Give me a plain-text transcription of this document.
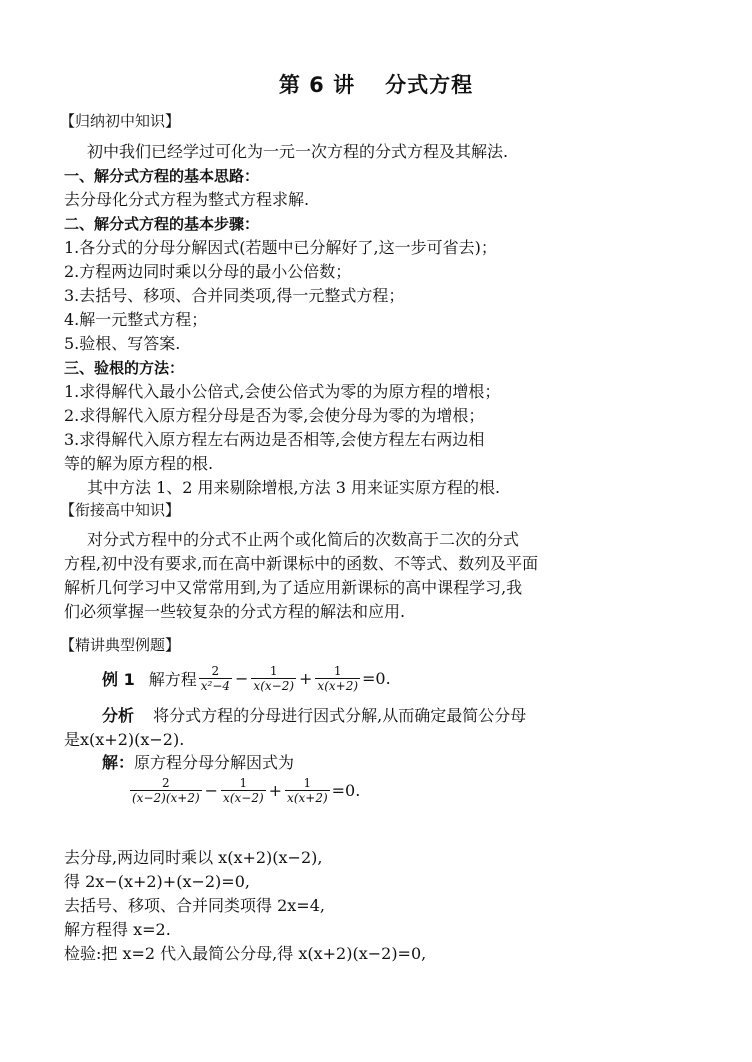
第 6 讲 分式方程
【归纳初中知识】
初中我们已经学过可化为一元一次方程的分式方程及其解法.
一、解分式方程的基本思路：
去分母化分式方程为整式方程求解.
二、解分式方程的基本步骤：
1.各分式的分母分解因式(若题中已分解好了,这一步可省去)；
2.方程两边同时乘以分母的最小公倍数；
3.去括号、移项、合并同类项,得一元整式方程；
4.解一元整式方程；
5.验根、写答案.
三、验根的方法：
1.求得解代入最小公倍式,会使公倍式为零的为原方程的增根；
2.求得解代入原方程分母是否为零,会使分母为零的为增根；
3.求得解代入原方程左右两边是否相等,会使方程左右两边相
等的解为原方程的根.
其中方法 1、2 用来剔除增根,方法 3 用来证实原方程的根.
【衔接高中知识】
对分式方程中的分式不止两个或化简后的次数高于二次的分式
方程,初中没有要求,而在高中新课标中的函数、不等式、数列及平面
解析几何学习中又常常用到,为了适应用新课标的高中课程学习,我
们必须掌握一些较复杂的分式方程的解法和应用.
【精讲典型例题】
例 1 解方程 $\frac{2}{\text{x²−4}} - \frac{1}{x(x-2)} + \frac{1}{x(x+2)} =0$.
分析 将分式方程的分母进行因式分解,从而确定最简公分母
是x(x+2)(x−2).
解：原方程分母分解因式为
$\frac{2}{(x-2)(x+2)} - \frac{1}{x(x-2)} + \frac{1}{x(x+2)} =0$.
去分母,两边同时乘以 x(x+2)(x−2),
得 2x−(x+2)+(x−2)=0,
去括号、移项、合并同类项得 2x=4,
解方程得 x=2.
检验:把 x=2 代入最简公分母,得 x(x+2)(x−2)=0,
